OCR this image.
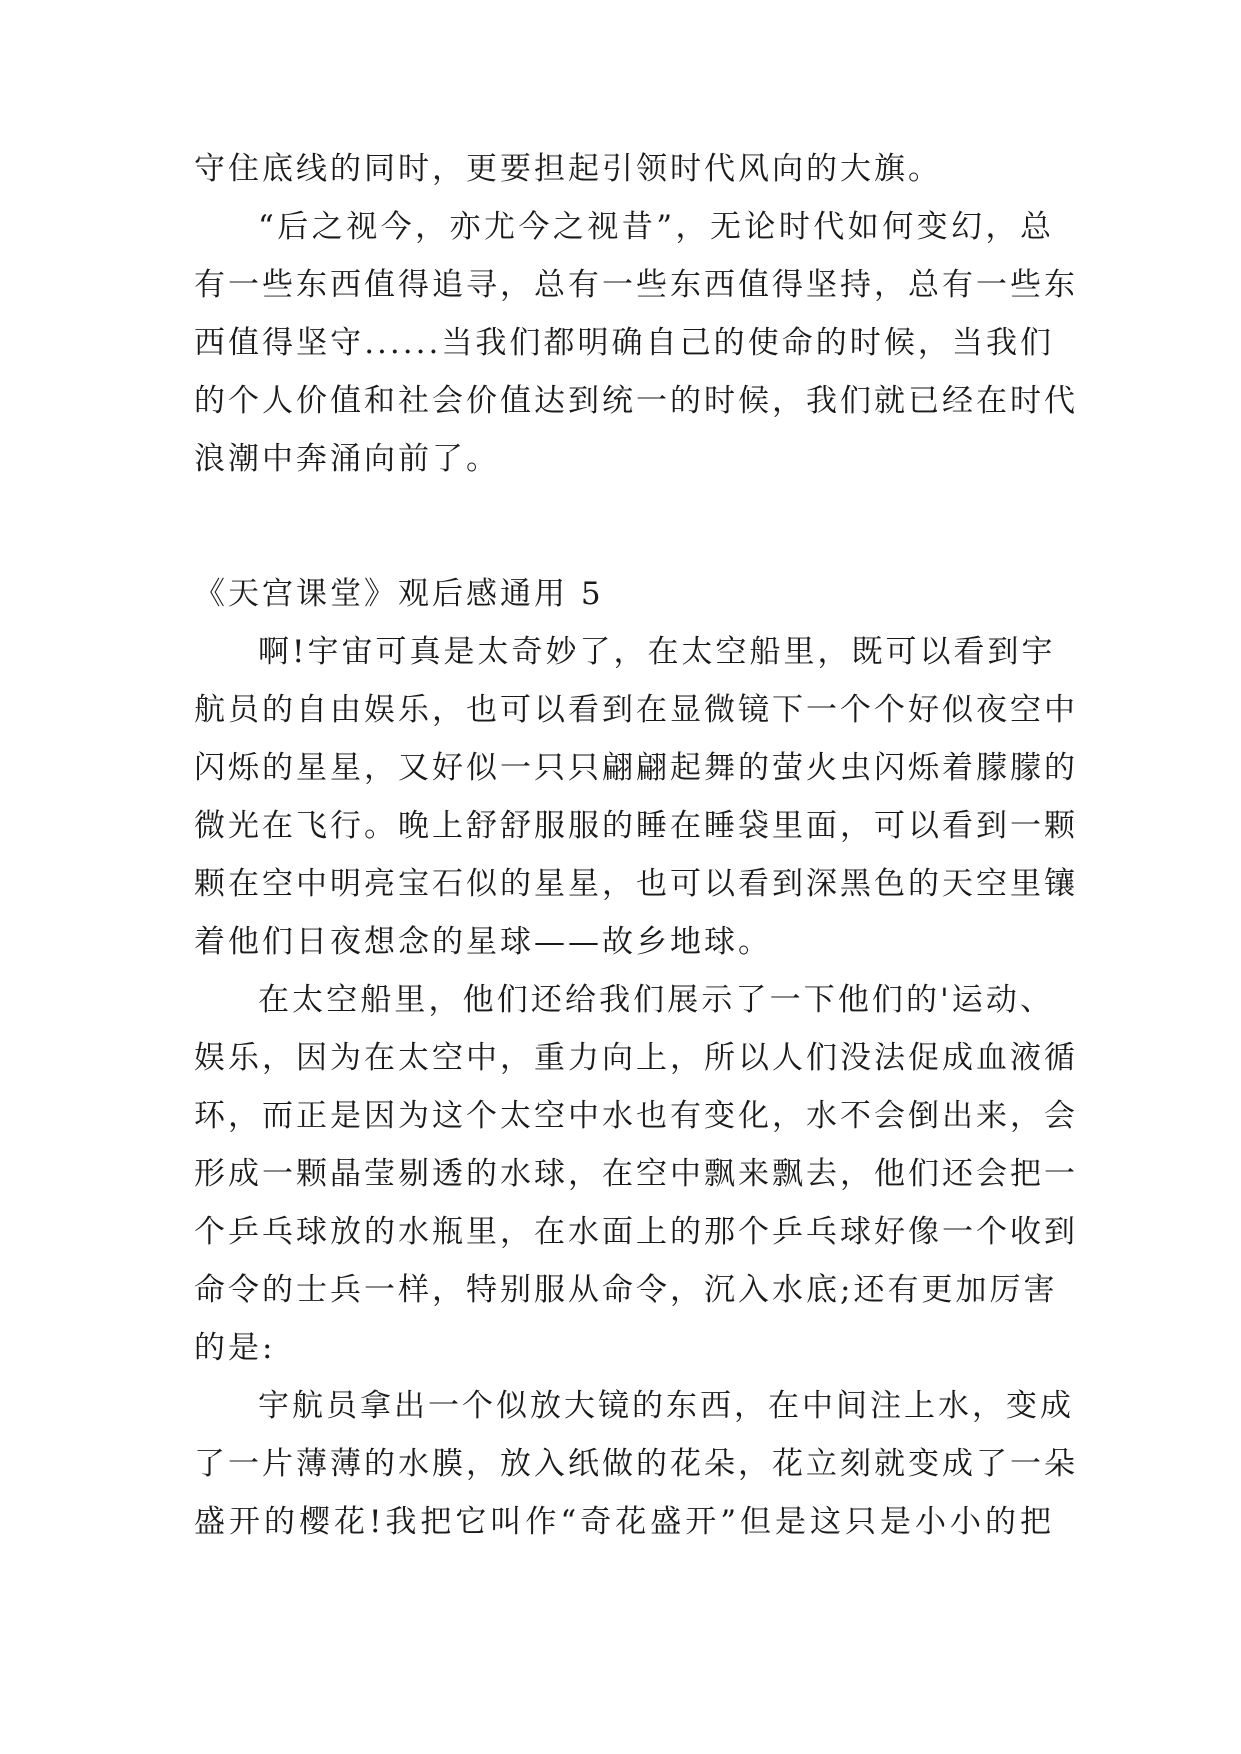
守住底线的同时，更要担起引领时代风向的大旗。
“后之视今，亦尤今之视昔”，无论时代如何变幻，总
有一些东西值得追寻，总有一些东西值得坚持，总有一些东
西值得坚守......当我们都明确自己的使命的时候，当我们
的个人价值和社会价值达到统一的时候，我们就已经在时代
浪潮中奔涌向前了。
《天宫课堂》观后感通用 5
啊!宇宙可真是太奇妙了，在太空船里，既可以看到宇
航员的自由娱乐，也可以看到在显微镜下一个个好似夜空中
闪烁的星星，又好似一只只翩翩起舞的萤火虫闪烁着朦朦的
微光在飞行。晚上舒舒服服的睡在睡袋里面，可以看到一颗
颗在空中明亮宝石似的星星，也可以看到深黑色的天空里镶
着他们日夜想念的星球——故乡地球。
在太空船里，他们还给我们展示了一下他们的'运动、
娱乐，因为在太空中，重力向上，所以人们没法促成血液循
环，而正是因为这个太空中水也有变化，水不会倒出来，会
形成一颗晶莹剔透的水球，在空中飘来飘去，他们还会把一
个乒乓球放的水瓶里，在水面上的那个乒乓球好像一个收到
命令的士兵一样，特别服从命令，沉入水底;还有更加厉害
的是:
宇航员拿出一个似放大镜的东西，在中间注上水，变成
了一片薄薄的水膜，放入纸做的花朵，花立刻就变成了一朵
盛开的樱花!我把它叫作“奇花盛开”但是这只是小小的把
